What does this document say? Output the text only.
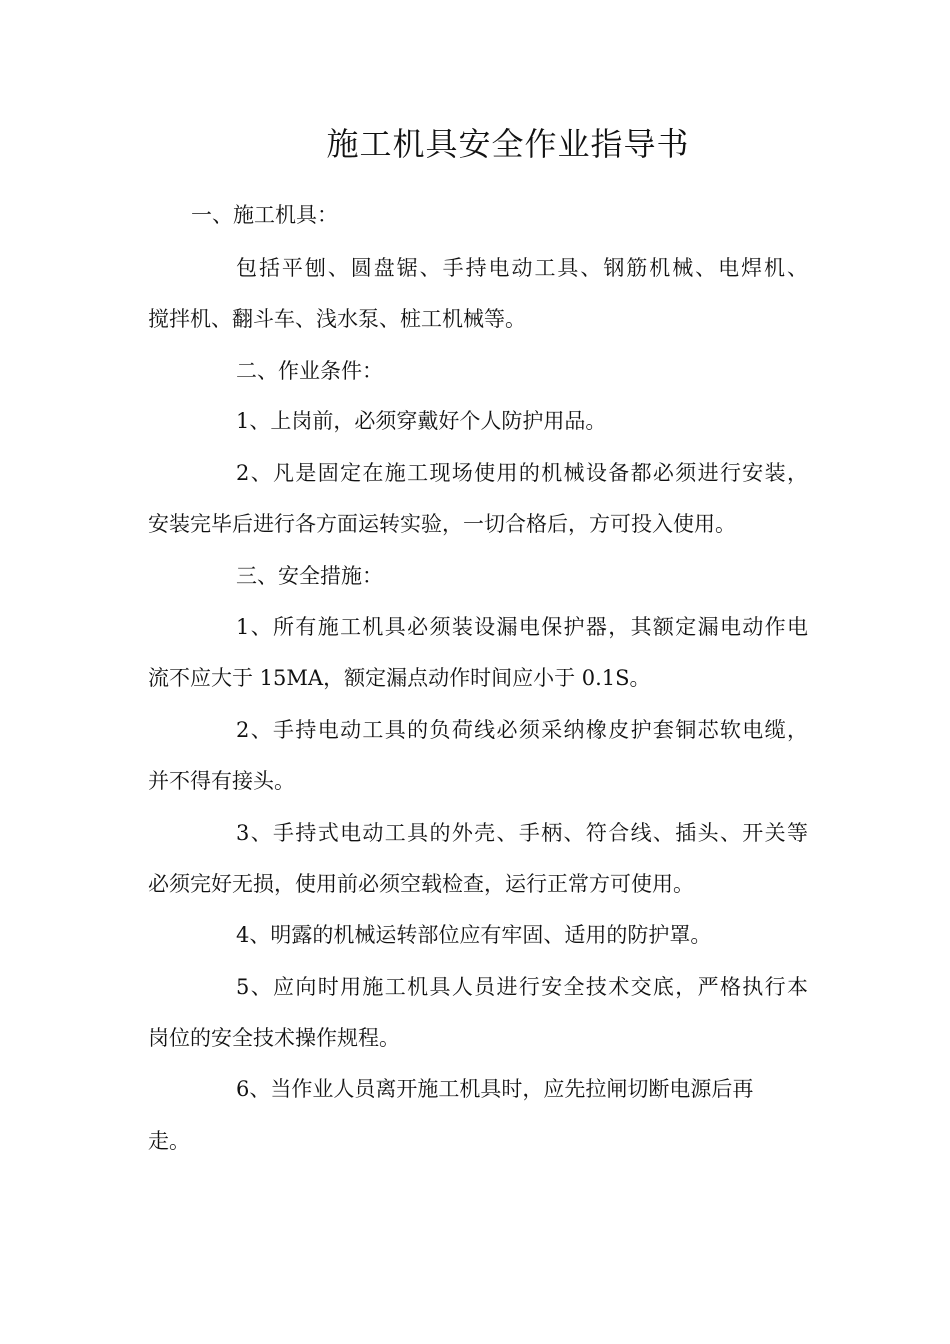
施工机具安全作业指导书
一、施工机具：
包括平刨、圆盘锯、手持电动工具、钢筋机械、电焊机、
搅拌机、翻斗车、浅水泵、桩工机械等。
二、作业条件：
1、上岗前，必须穿戴好个人防护用品。
2、凡是固定在施工现场使用的机械设备都必须进行安装，
安装完毕后进行各方面运转实验，一切合格后，方可投入使用。
三、安全措施：
1、所有施工机具必须装设漏电保护器，其额定漏电动作电
流不应大于 15MA，额定漏点动作时间应小于 0.1S。
2、手持电动工具的负荷线必须采纳橡皮护套铜芯软电缆，
并不得有接头。
3、手持式电动工具的外壳、手柄、符合线、插头、开关等
必须完好无损，使用前必须空载检查，运行正常方可使用。
4、明露的机械运转部位应有牢固、适用的防护罩。
5、应向时用施工机具人员进行安全技术交底，严格执行本
岗位的安全技术操作规程。
6、当作业人员离开施工机具时，应先拉闸切断电源后再
走。
